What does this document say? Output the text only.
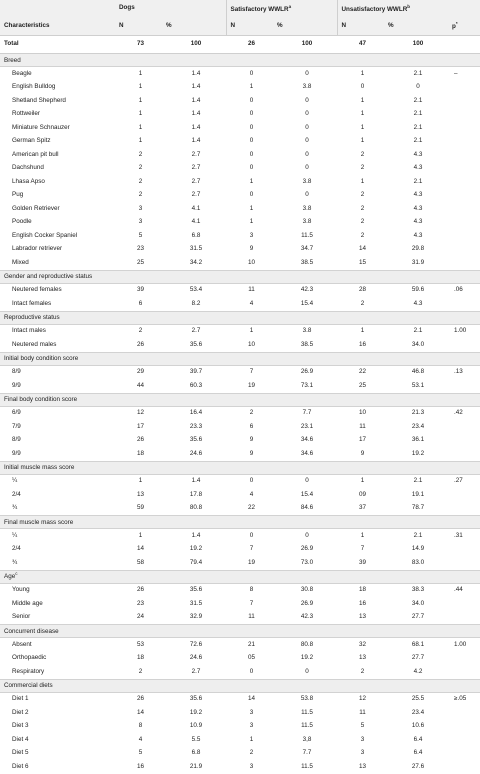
	Dogs		Satisfactory WWLR$^a$		Unsatisfactory WWLR$^b$	
Characteristics	N	%	N	%	N	%	p*
Total	73	100	26	100	47	100	
Breed							
Beagle	1	1.4	0	0	1	2.1	–
English Bulldog	1	1.4	1	3.8	0	0	
Shetland Shepherd	1	1.4	0	0	1	2.1	
Rottweiler	1	1.4	0	0	1	2.1	
Miniature Schnauzer	1	1.4	0	0	1	2.1	
German Spitz	1	1.4	0	0	1	2.1	
American pit bull	2	2.7	0	0	2	4.3	
Dachshund	2	2.7	0	0	2	4.3	
Lhasa Apso	2	2.7	1	3.8	1	2.1	
Pug	2	2.7	0	0	2	4.3	
Golden Retriever	3	4.1	1	3.8	2	4.3	
Poodle	3	4.1	1	3.8	2	4.3	
English Cocker Spaniel	5	6.8	3	11.5	2	4.3	
Labrador retriever	23	31.5	9	34.7	14	29.8	
Mixed	25	34.2	10	38.5	15	31.9	
Gender and reproductive status							
Neutered females	39	53.4	11	42.3	28	59.6	.06
Intact females	6	8.2	4	15.4	2	4.3	
Reproductive status							
Intact males	2	2.7	1	3.8	1	2.1	1.00
Neutered males	26	35.6	10	38.5	16	34.0	
Initial body condition score							
8/9	29	39.7	7	26.9	22	46.8	.13
9/9	44	60.3	19	73.1	25	53.1	
Final body condition score							
6/9	12	16.4	2	7.7	10	21.3	.42
7/9	17	23.3	6	23.1	11	23.4	
8/9	26	35.6	9	34.6	17	36.1	
9/9	18	24.6	9	34.6	9	19.2	
Initial muscle mass score							
¼	1	1.4	0	0	1	2.1	.27
2/4	13	17.8	4	15.4	09	19.1	
¾	59	80.8	22	84.6	37	78.7	
Final muscle mass score							
¼	1	1.4	0	0	1	2.1	.31
2/4	14	19.2	7	26.9	7	14.9	
¾	58	79.4	19	73.0	39	83.0	
Age$^c$
Young	26	35.6	8	30.8	18	38.3	.44
Middle age	23	31.5	7	26.9	16	34.0	
Senior	24	32.9	11	42.3	13	27.7	
Concurrent disease							
Absent	53	72.6	21	80.8	32	68.1	1.00
Orthopaedic	18	24.6	05	19.2	13	27.7	
Respiratory	2	2.7	0	0	2	4.2	
Commercial diets							
Diet 1	26	35.6	14	53.8	12	25.5	≥.05
Diet 2	14	19.2	3	11.5	11	23.4	
Diet 3	8	10.9	3	11.5	5	10.6	
Diet 4	4	5.5	1	3,8	3	6.4	
Diet 5	5	6.8	2	7.7	3	6.4	
Diet 6	16	21.9	3	11.5	13	27.6	
